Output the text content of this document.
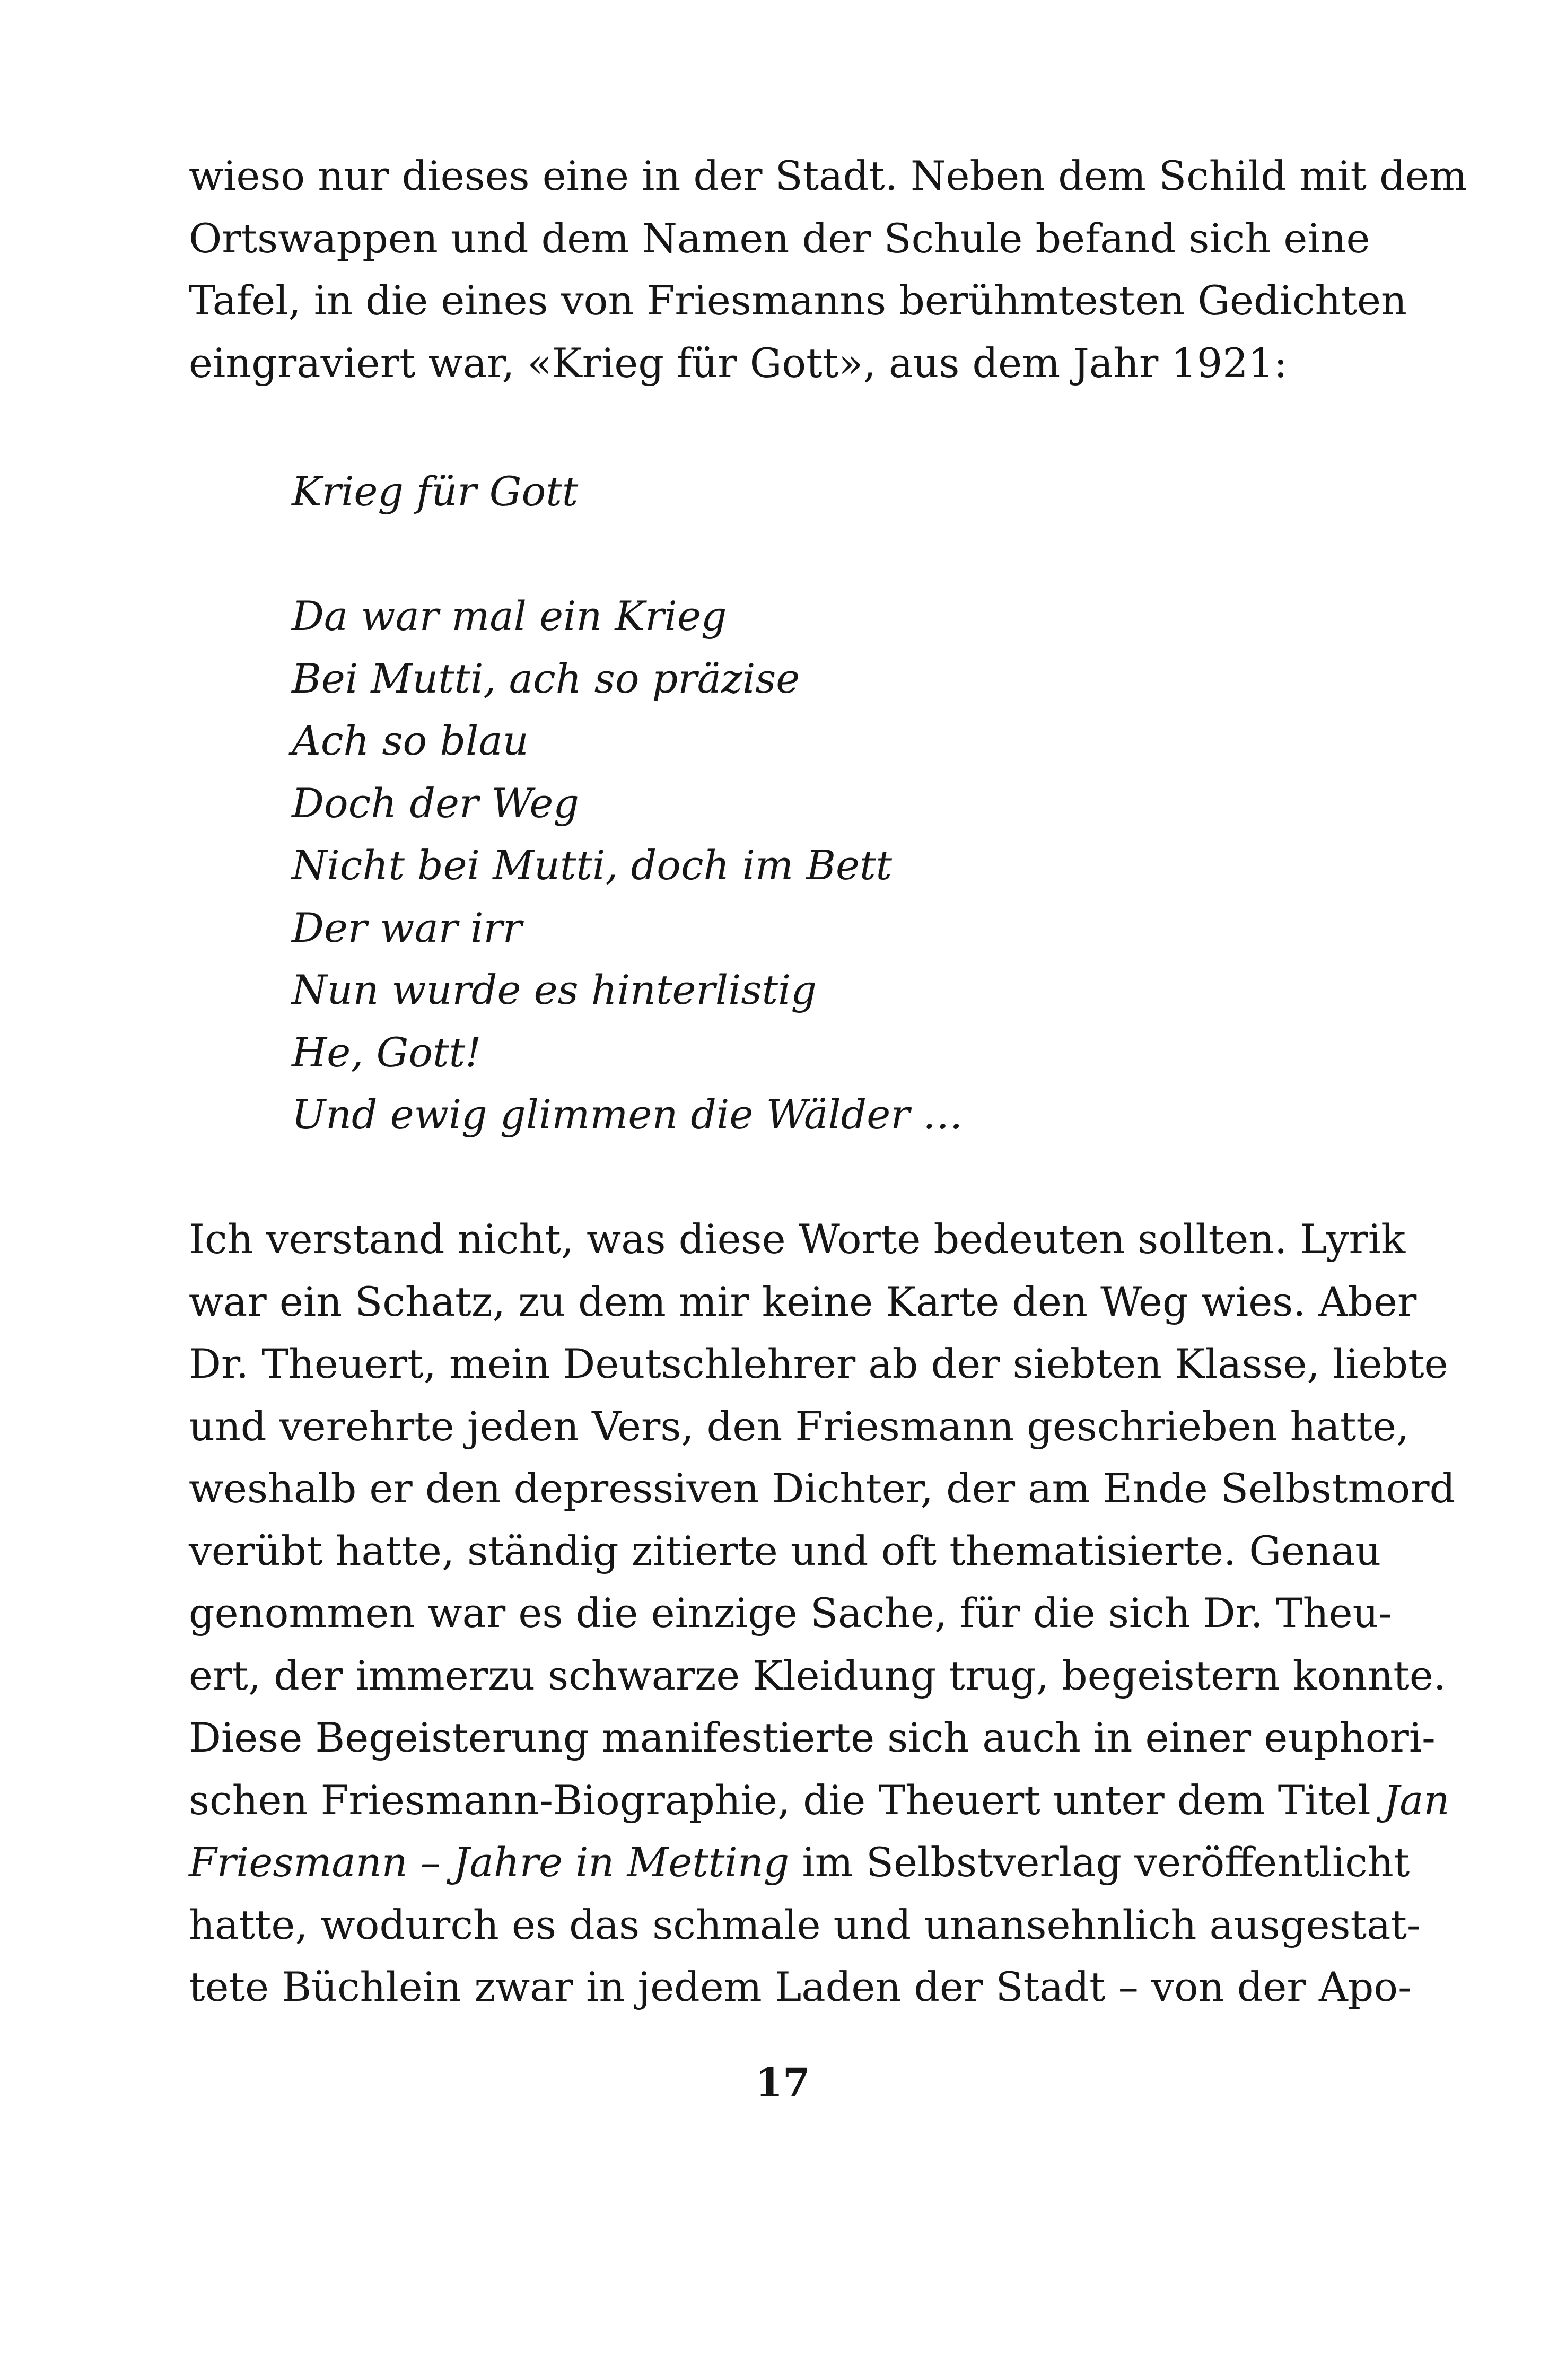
wieso nur dieses eine in der Stadt. Neben dem Schild mit dem
Ortswappen und dem Namen der Schule befand sich eine
Tafel, in die eines von Friesmanns berühmtesten Gedichten
eingraviert war, «Krieg für Gott», aus dem Jahr 1921:

Krieg für Gott
Da war mal ein Krieg
Bei Mutti, ach so präzise
Ach so blau
Doch der Weg
Nicht bei Mutti, doch im Bett
Der war irr
Nun wurde es hinterlistig
He, Gott!
Und ewig glimmen die Wälder …

Ich verstand nicht, was diese Worte bedeuten sollten. Lyrik
war ein Schatz, zu dem mir keine Karte den Weg wies. Aber
Dr. Theuert, mein Deutschlehrer ab der siebten Klasse, liebte
und verehrte jeden Vers, den Friesmann geschrieben hatte,
weshalb er den depressiven Dichter, der am Ende Selbstmord
verübt hatte, ständig zitierte und oft thematisierte. Genau
genommen war es die einzige Sache, für die sich Dr. Theu-
ert, der immerzu schwarze Kleidung trug, begeistern konnte.
Diese Begeisterung manifestierte sich auch in einer euphori-
schen Friesmann-Biographie, die Theuert unter dem Titel Jan
Friesmann – Jahre in Metting im Selbstverlag veröffentlicht
hatte, wodurch es das schmale und unansehnlich ausgestat-
tete Büchlein zwar in jedem Laden der Stadt – von der Apo-

17
